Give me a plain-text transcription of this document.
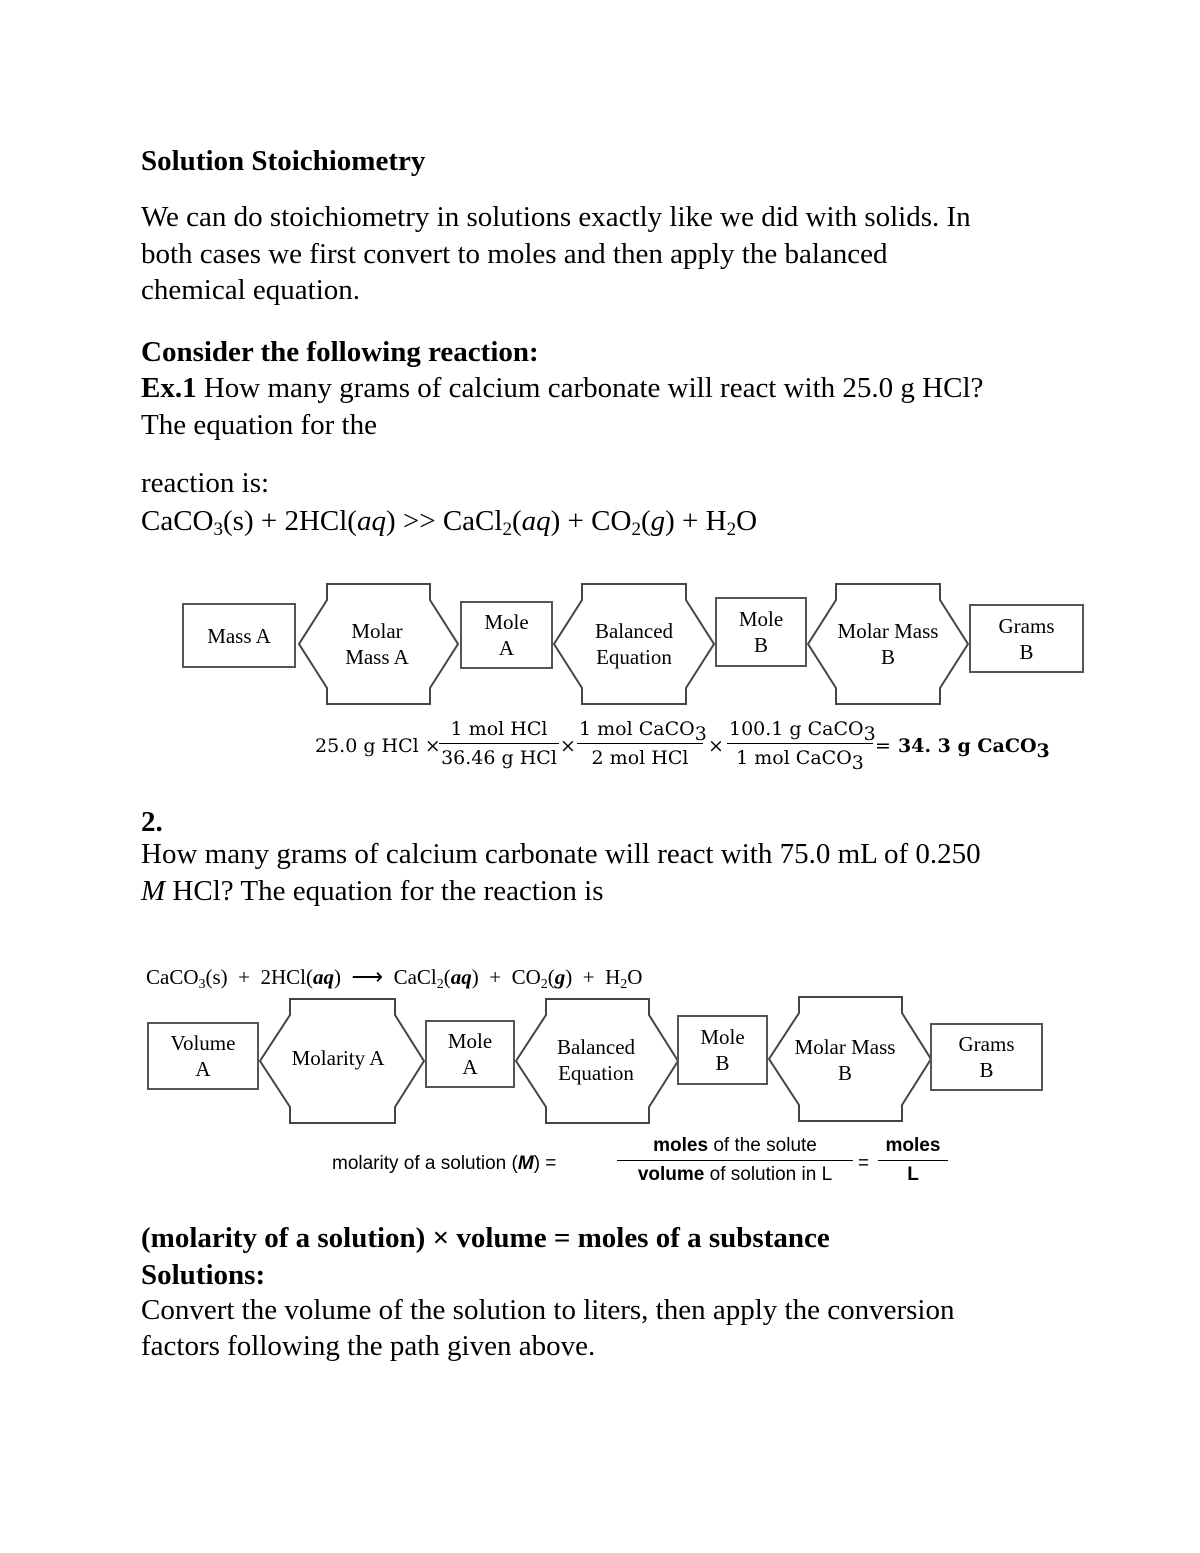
Solution Stoichiometry

We can do stoichiometry in solutions exactly like we did with solids. In

both cases we first convert to moles and then apply the balanced

chemical equation.

Consider the following reaction:

Ex.1 How many grams of calcium carbonate will react with 25.0 g HCl?

The equation for the

reaction is:

CaCO$_3$(s) + 2HCl(aq) >> CaCl$_2$(aq) + $CO_2(g) + H_2O$

Molar
Mass A
Balanced
Equation
Molar Mass
B
Mass A
Mole
A
Mole
B
Grams
B
25.0 g HCl ×
1 mol HCl
36.46 g HCl
×
1 mol CaCO$_3$
2 mol HCl
×
100.1 g CaCO$_3$
1 mol CaCO$_3$
= 34. 3 g CaCO$_3$

2.

How many grams of calcium carbonate will react with 75.0 mL of 0.250

M HCl? The equation for the reaction is

CaCO$_3$(s)  +  2HCl(aq) ⟶ CaCl$_2$(aq)  +  $CO_2(g) + H_2O$

Molarity A	Balanced
Equation
Molar Mass
B
Volume
A
Mole
A
Mole
B
Grams
B
molarity of a solution (M) =
moles of the solute
volume of solution in L
=
moles
L

(molarity of a solution) × volume = moles of a substance

Solutions:

Convert the volume of the solution to liters, then apply the conversion

factors following the path given above.
